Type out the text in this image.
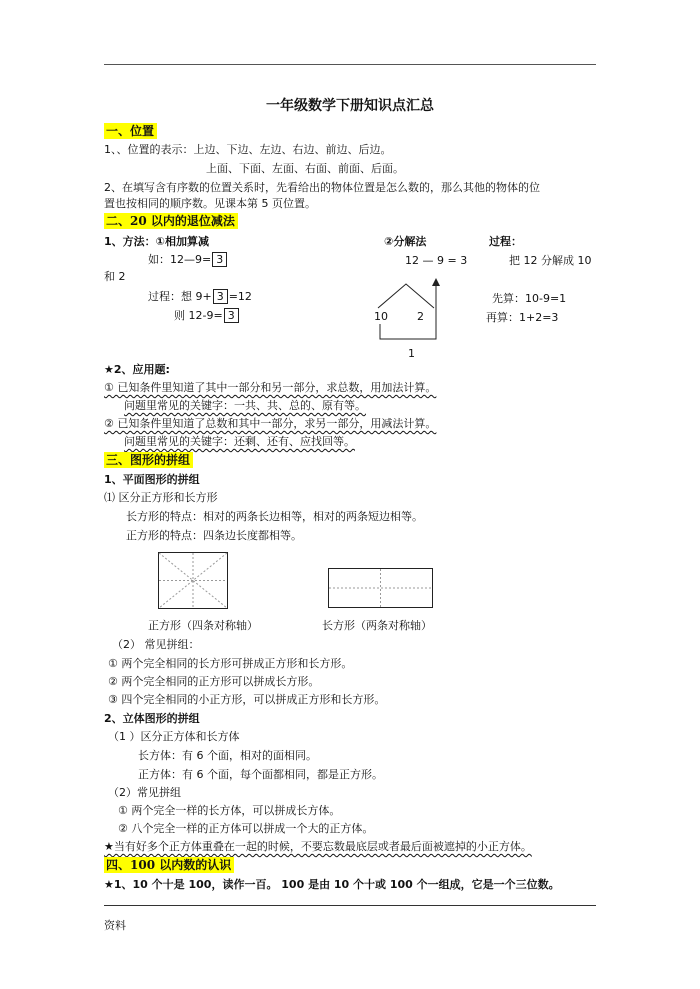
一年级数学下册知识点汇总
一、位置
1、、位置的表示：上边、下边、左边、右边、前边、后边。
上面、下面、左面、右面、前面、后面。
2、在填写含有序数的位置关系时，先看给出的物体位置是怎么数的，那么其他的物体的位
置也按相同的顺序数。见课本第 5 页位置。
二、20 以内的退位减法
1、方法：①相加算减	②分解法	过程：
如：12—9= 3	12 — 9 = 3	把 12 分解成 10
和 2
过程：想 9+ 3 =12
则 12-9= 3	10	2
1
先算：10-9=1
再算：1+2=3
★2、应用题:
① 已知条件里知道了其中一部分和另一部分，求总数，用加法计算。
问题里常见的关键字：一共、共、总的、原有等。
② 已知条件里知道了总数和其中一部分，求另一部分，用减法计算。
问题里常见的关键字：还剩、还有、应找回等。
三、图形的拼组
1、平面图形的拼组
⑴ 区分正方形和长方形
长方形的特点：相对的两条长边相等，相对的两条短边相等。
正方形的特点：四条边长度都相等。
正方形（四条对称轴）	长方形（两条对称轴）
（2） 常见拼组：
① 两个完全相同的长方形可拼成正方形和长方形。
② 两个完全相同的正方形可以拼成长方形。
③ 四个完全相同的小正方形，可以拼成正方形和长方形。
2、立体图形的拼组
（1 ）区分正方体和长方体
长方体：有 6 个面，相对的面相同。
正方体：有 6 个面，每个面都相同，都是正方形。
（2）常见拼组
① 两个完全一样的长方体，可以拼成长方体。
② 八个完全一样的正方体可以拼成一个大的正方体。
★当有好多个正方体重叠在一起的时候，不要忘数最底层或者最后面被遮掉的小正方体。
四、100 以内数的认识
★1、10 个十是 100，读作一百。 100 是由 10 个十或 100 个一组成，它是一个三位数。
资料
